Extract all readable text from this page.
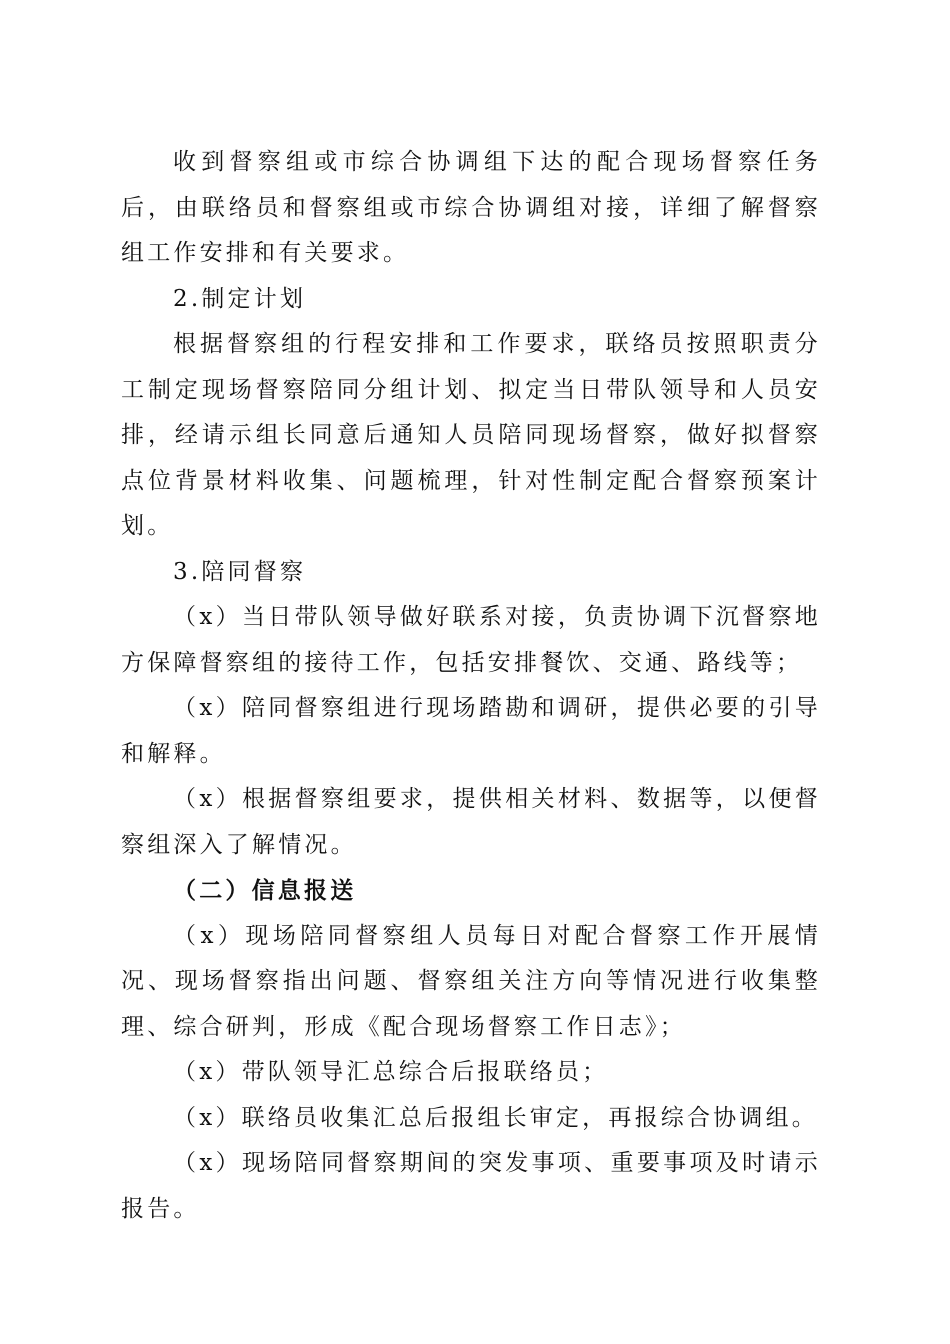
收到督察组或市综合协调组下达的配合现场督察任务后，由联络员和督察组或市综合协调组对接，详细了解督察组工作安排和有关要求。

2.制定计划

根据督察组的行程安排和工作要求，联络员按照职责分工制定现场督察陪同分组计划、拟定当日带队领导和人员安排，经请示组长同意后通知人员陪同现场督察，做好拟督察点位背景材料收集、问题梳理，针对性制定配合督察预案计划。

3.陪同督察

（x）当日带队领导做好联系对接，负责协调下沉督察地方保障督察组的接待工作，包括安排餐饮、交通、路线等；

（x）陪同督察组进行现场踏勘和调研，提供必要的引导和解释。

（x）根据督察组要求，提供相关材料、数据等，以便督察组深入了解情况。

（二）信息报送

（x）现场陪同督察组人员每日对配合督察工作开展情况、现场督察指出问题、督察组关注方向等情况进行收集整理、综合研判，形成《配合现场督察工作日志》；

（x）带队领导汇总综合后报联络员；

（x）联络员收集汇总后报组长审定，再报综合协调组。

（x）现场陪同督察期间的突发事项、重要事项及时请示报告。
